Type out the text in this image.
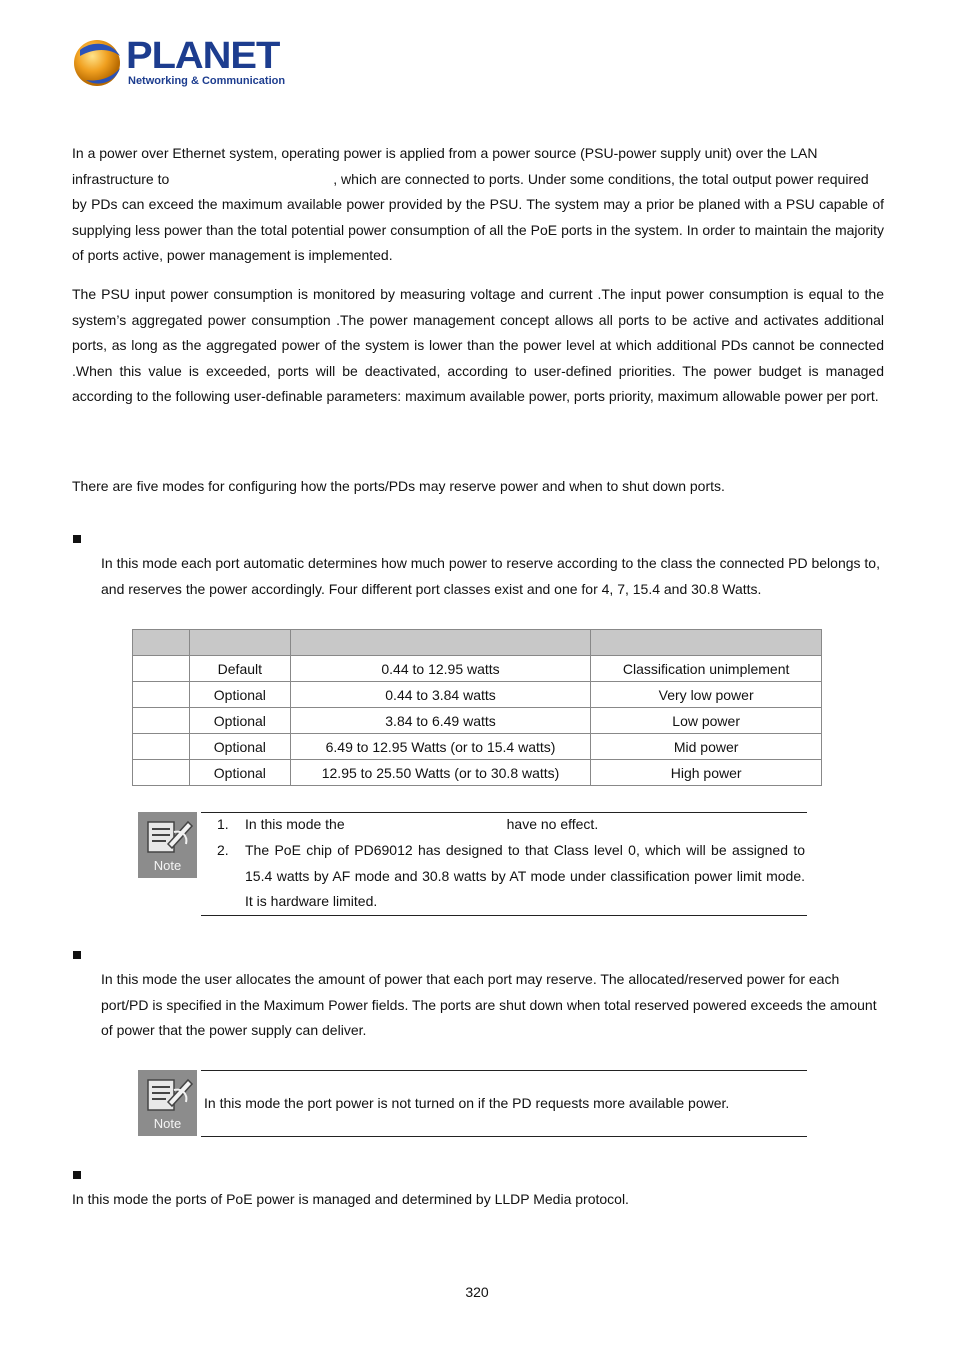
PLANET
Networking & Communication
In a power over Ethernet system, operating power is applied from a power source (PSU-power supply unit) over the LAN
infrastructure to	, which are connected to ports. Under some conditions, the total output power required
by PDs can exceed the maximum available power provided by the PSU. The system may a prior be planed with a PSU capable of supplying less power than the total potential power consumption of all the PoE ports in the system. In order to maintain the majority of ports active, power management is implemented.
The PSU input power consumption is monitored by measuring voltage and current .The input power consumption is equal to the system’s aggregated power consumption .The power management concept allows all ports to be active and activates additional ports, as long as the aggregated power of the system is lower than the power level at which additional PDs cannot be connected .When this value is exceeded, ports will be deactivated, according to user-defined priorities. The power budget is managed according to the following user-definable parameters: maximum available power, ports priority, maximum allowable power per port.
There are five modes for configuring how the ports/PDs may reserve power and when to shut down ports.
In this mode each port automatic determines how much power to reserve according to the class the connected PD belongs to, and reserves the power accordingly. Four different port classes exist and one for 4, 7, 15.4 and 30.8 Watts.

	Default	0.44 to 12.95 watts	Classification unimplement
	Optional	0.44 to 3.84 watts	Very low power
	Optional	3.84 to 6.49 watts	Low power
	Optional	6.49 to 12.95 Watts (or to 15.4 watts)	Mid power
	Optional	12.95 to 25.50 Watts (or to 30.8 watts)	High power
Note
1. In this mode the	have no effect.
2. The PoE chip of PD69012 has designed to that Class level 0, which will be assigned to 15.4 watts by AF mode and 30.8 watts by AT mode under classification power limit mode. It is hardware limited.
In this mode the user allocates the amount of power that each port may reserve. The allocated/reserved power for each port/PD is specified in the Maximum Power fields. The ports are shut down when total reserved powered exceeds the amount of power that the power supply can deliver.
Note
In this mode the port power is not turned on if the PD requests more available power.
In this mode the ports of PoE power is managed and determined by LLDP Media protocol.
320
